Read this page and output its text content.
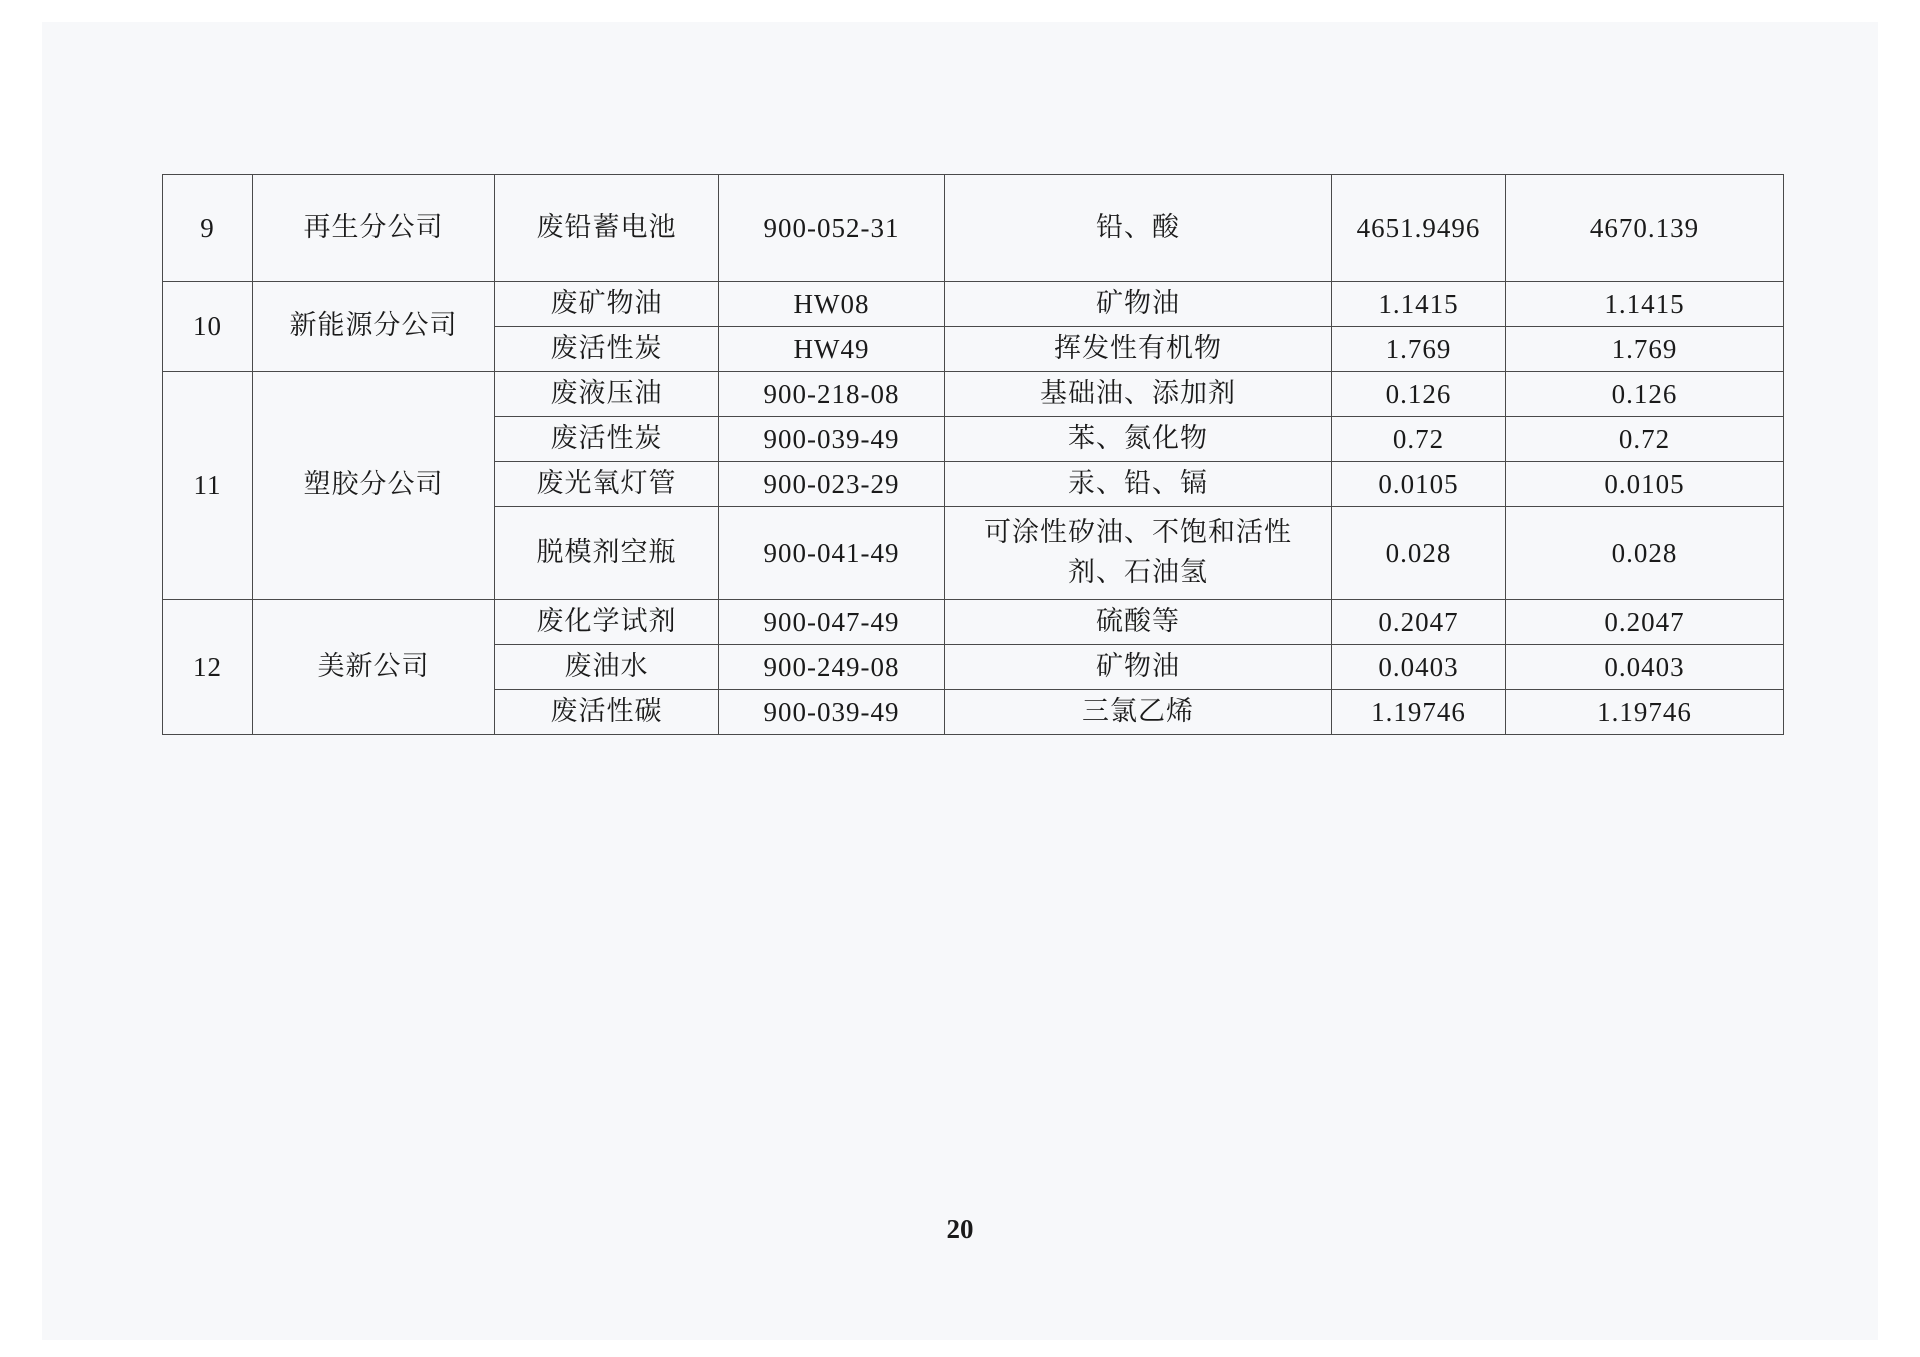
9	再生分公司	废铅蓄电池	900-052-31	铅、酸	4651.9496	4670.139
10	新能源分公司	废矿物油	HW08	矿物油	1.1415	1.1415
		废活性炭	HW49	挥发性有机物	1.769	1.769
11	塑胶分公司	废液压油	900-218-08	基础油、添加剂	0.126	0.126
		废活性炭	900-039-49	苯、氮化物	0.72	0.72
		废光氧灯管	900-023-29	汞、铅、镉	0.0105	0.0105
		脱模剂空瓶	900-041-49	可涂性矽油、不饱和活性剂、石油氢	0.028	0.028
12	美新公司	废化学试剂	900-047-49	硫酸等	0.2047	0.2047
		废油水	900-249-08	矿物油	0.0403	0.0403
		废活性碳	900-039-49	三氯乙烯	1.19746	1.19746
20
